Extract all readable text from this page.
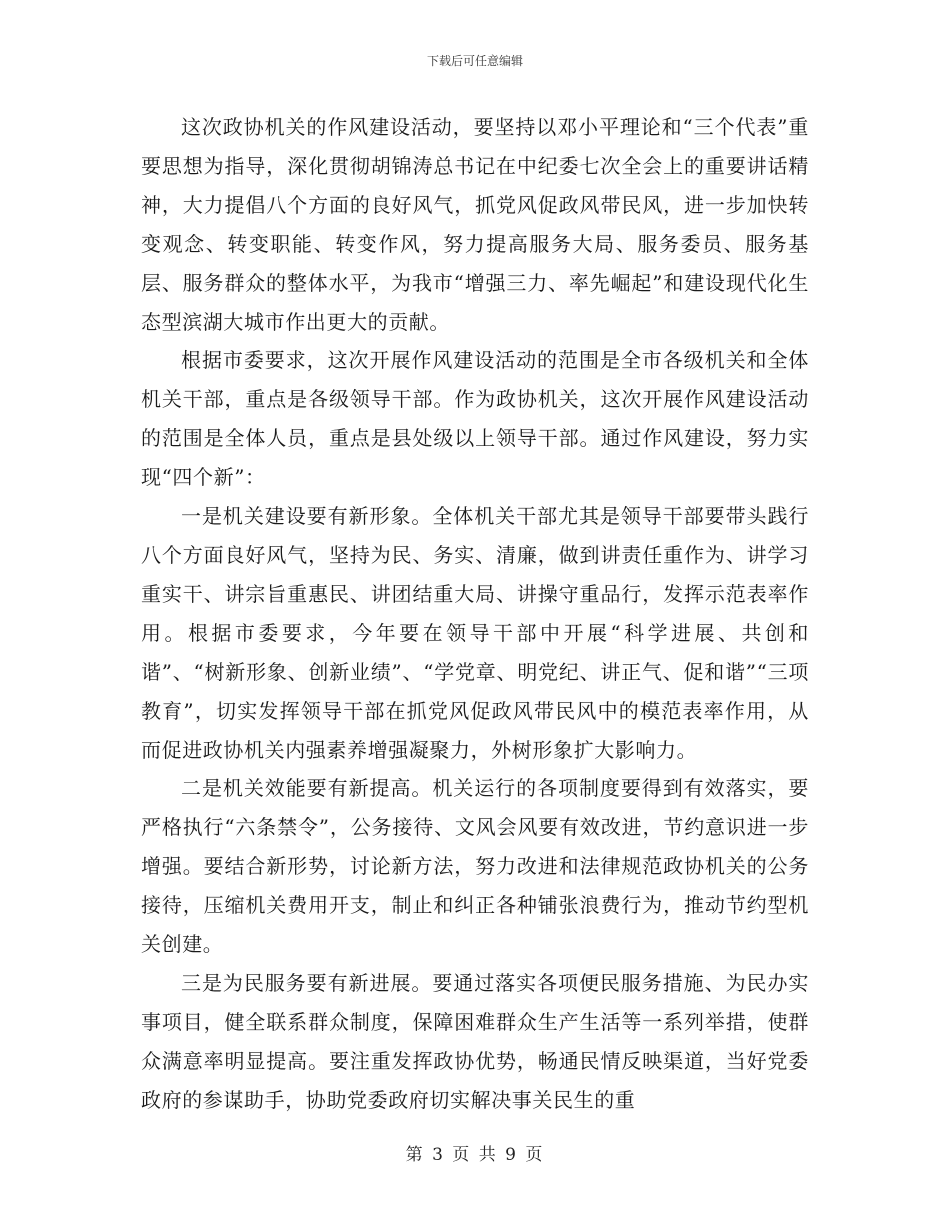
下载后可任意编辑

这次政协机关的作风建设活动，要坚持以邓小平理论和“三个代表”重要思想为指导，深化贯彻胡锦涛总书记在中纪委七次全会上的重要讲话精神，大力提倡八个方面的良好风气，抓党风促政风带民风，进一步加快转变观念、转变职能、转变作风，努力提高服务大局、服务委员、服务基层、服务群众的整体水平，为我市“增强三力、率先崛起”和建设现代化生态型滨湖大城市作出更大的贡献。

根据市委要求，这次开展作风建设活动的范围是全市各级机关和全体机关干部，重点是各级领导干部。作为政协机关，这次开展作风建设活动的范围是全体人员，重点是县处级以上领导干部。通过作风建设，努力实现“四个新”：

一是机关建设要有新形象。全体机关干部尤其是领导干部要带头践行八个方面良好风气，坚持为民、务实、清廉，做到讲责任重作为、讲学习重实干、讲宗旨重惠民、讲团结重大局、讲操守重品行，发挥示范表率作用。根据市委要求，今年要在领导干部中开展“科学进展、共创和谐”、“树新形象、创新业绩”、“学党章、明党纪、讲正气、促和谐”“三项教育”，切实发挥领导干部在抓党风促政风带民风中的模范表率作用，从而促进政协机关内强素养增强凝聚力，外树形象扩大影响力。

二是机关效能要有新提高。机关运行的各项制度要得到有效落实，要严格执行“六条禁令”，公务接待、文风会风要有效改进，节约意识进一步增强。要结合新形势，讨论新方法，努力改进和法律规范政协机关的公务接待，压缩机关费用开支，制止和纠正各种铺张浪费行为，推动节约型机关创建。

三是为民服务要有新进展。要通过落实各项便民服务措施、为民办实事项目，健全联系群众制度，保障困难群众生产生活等一系列举措，使群众满意率明显提高。要注重发挥政协优势，畅通民情反映渠道，当好党委政府的参谋助手，协助党委政府切实解决事关民生的重

第 3 页 共 9 页
